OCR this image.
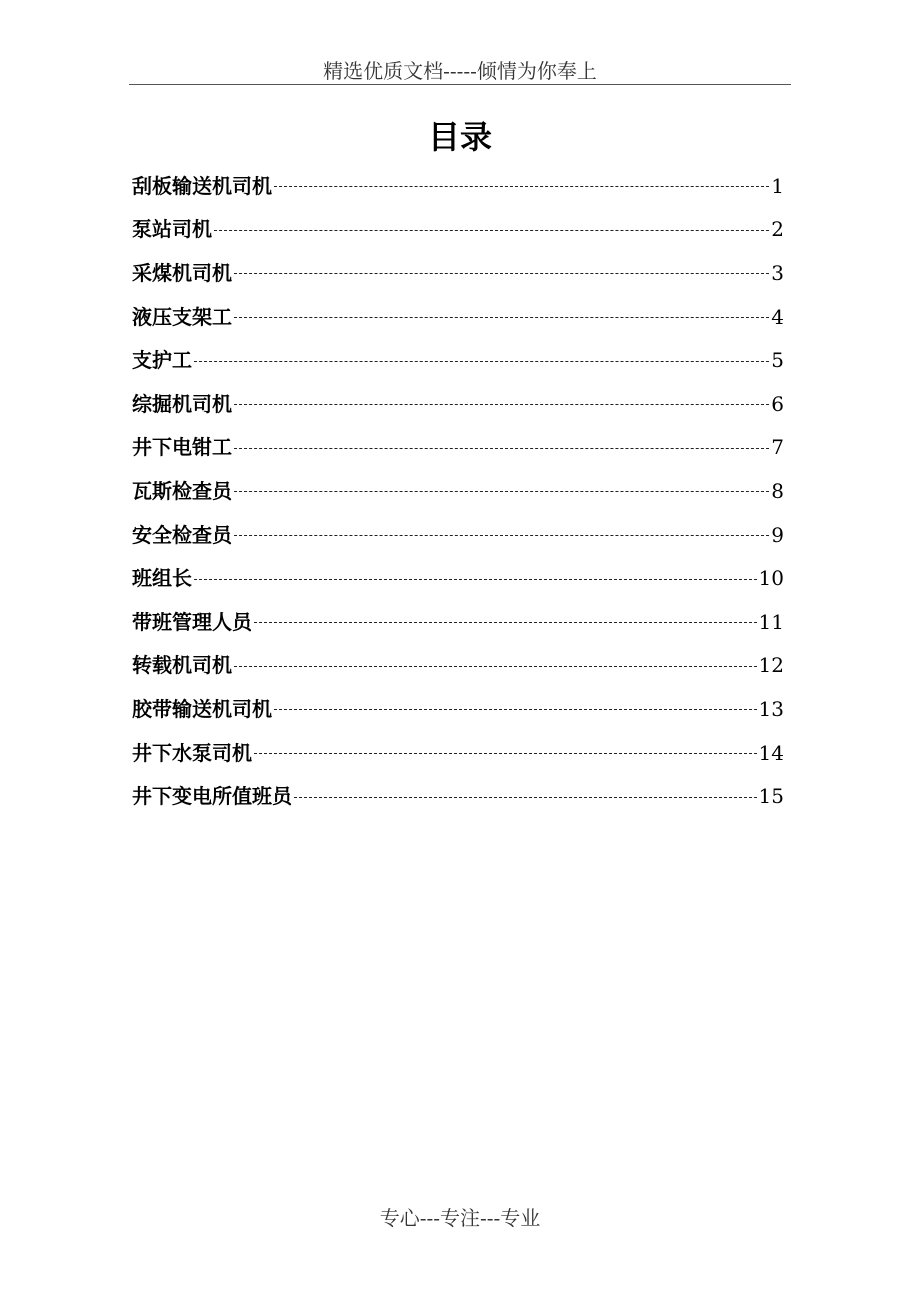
精选优质文档-----倾情为你奉上
目录
刮板输送机司机	1
泵站司机	2
采煤机司机	3
液压支架工	4
支护工	5
综掘机司机	6
井下电钳工	7
瓦斯检查员	8
安全检查员	9
班组长	10
带班管理人员	11
转载机司机	12
胶带输送机司机	13
井下水泵司机	14
井下变电所值班员	15
专心---专注---专业
